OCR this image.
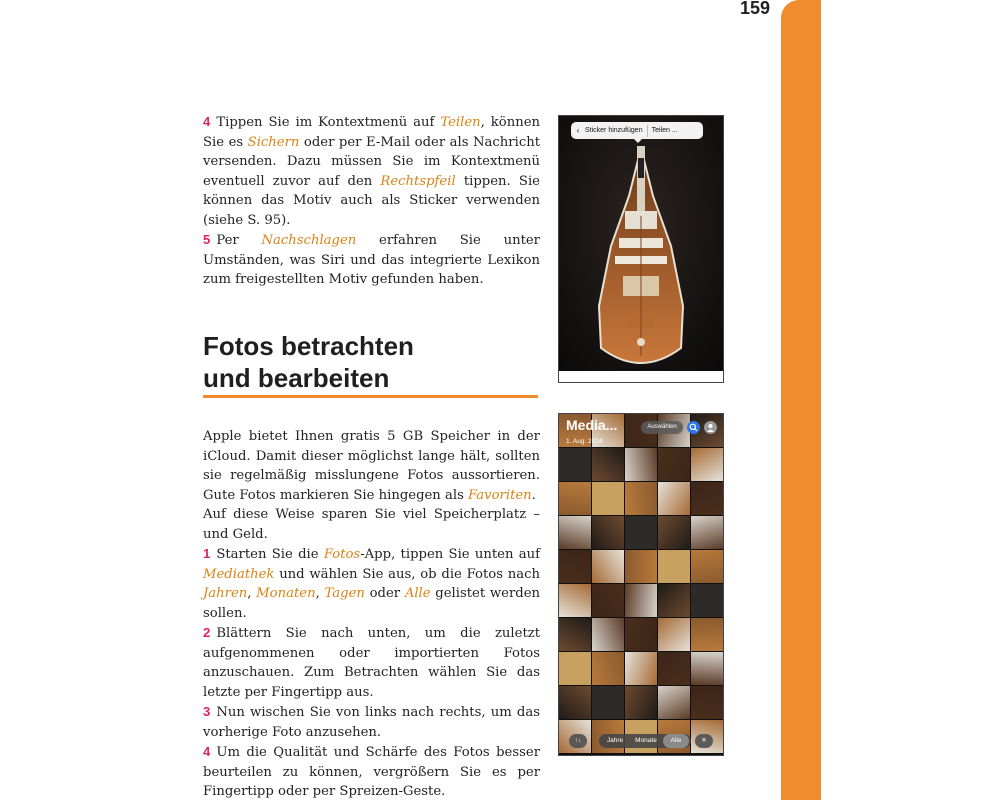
159

4 Tippen Sie im Kontextmenü auf Teilen, können Sie es Sichern oder per E-Mail oder als Nachricht versenden. Dazu müssen Sie im Kontextmenü eventuell zuvor auf den Rechtspfeil tippen. Sie können das Motiv auch als Sticker verwenden (siehe S. 95).

5 Per Nachschlagen erfahren Sie unter Umständen, was Siri und das integrierte Lexikon zum freigestellten Motiv gefunden haben.

Fotos betrachten
und bearbeiten

Apple bietet Ihnen gratis 5 GB Speicher in der iCloud. Damit dieser möglichst lange hält, sollten sie regelmäßig misslungene Fotos aussortieren. Gute Fotos markieren Sie hingegen als Favoriten.

Auf diese Weise sparen Sie viel Speicherplatz – und Geld.

1 Starten Sie die Fotos-App, tippen Sie unten auf Mediathek und wählen Sie aus, ob die Fotos nach Jahren, Monaten, Tagen oder Alle gelistet werden sollen.

2 Blättern Sie nach unten, um die zuletzt aufgenommenen oder importierten Fotos anzuschauen. Zum Betrachten wählen Sie das letzte per Fingertipp aus.

3 Nun wischen Sie von links nach rechts, um das vorherige Foto anzusehen.

4 Um die Qualität und Schärfe des Fotos besser beurteilen zu können, vergrößern Sie es per Fingertipp oder per Spreizen-Geste.

‹ Sticker hinzufügen Teilen ...
Media...
1. Aug. 2024
Auswählen
↑↓	Jahre	Monate	Alle	✕
